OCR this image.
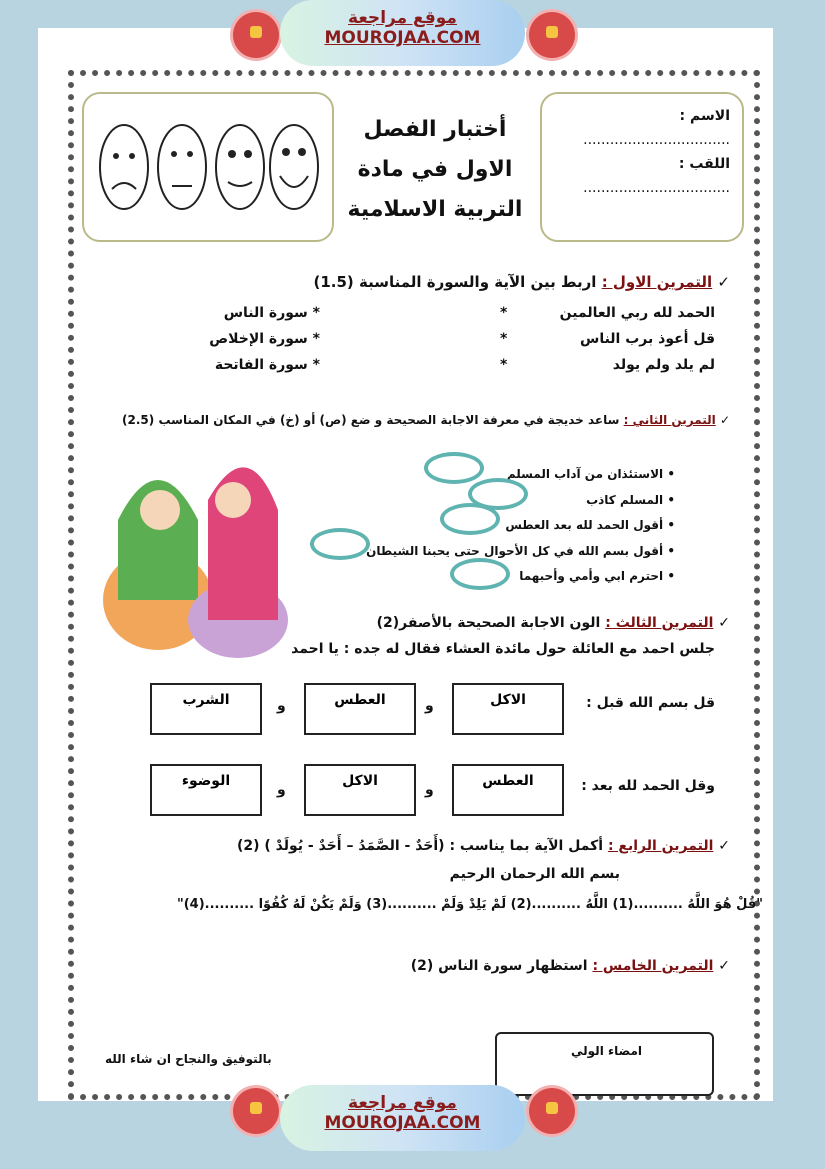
موقع مراجعة
MOUROJAA.COM
أختبار الفصل الاول في مادة
التربية الاسلامية
الاسم :
.................................
اللقب :
.................................
✓ التمرين الاول : اربط بين الآية والسورة المناسبة (1.5)
الحمد لله ربي العالمين
قل أعوذ برب الناس
لم يلد ولم يولد
*
*
*
* سورة الناس
* سورة الإخلاص
* سورة الفاتحة
✓ التمرين الثاني : ساعد خديجة في معرفة الاجابة الصحيحة و ضع (ص) أو (خ) في المكان المناسب (2.5)
• الاستئذان من آداب المسلم
• المسلم كاذب
• أقول الحمد لله بعد العطس
• أقول بسم الله في كل الأحوال حتى يحبنا الشيطان
• احترم ابي وأمي وأحبهما
✓ التمرين الثالث : الون الاجابة الصحيحة بالأصفر(2)
جلس احمد مع العائلة حول مائدة العشاء فقال له جده : يا احمد
قل بسم الله قبل :
الاكل
و
العطس
و
الشرب
وقل الحمد لله بعد :
العطس
و
الاكل
و
الوضوء
✓ التمرين الرابع : أكمل الآية بما يناسب : (أَحَدٌ - الصَّمَدُ – أَحَدٌ - يُولَدْ ) (2)
بسم الله الرحمان الرحيم
"قُلْ هُوَ اللَّهُ ..........(1) اللَّهُ ..........(2) لَمْ يَلِدْ وَلَمْ ..........(3) وَلَمْ يَكُنْ لَهُ كُفُوًا ..........(4)"
✓ التمرين الخامس : استظهار سورة الناس (2)
امضاء الولي
بالتوفيق والنجاح ان شاء الله
موقع مراجعة
MOUROJAA.COM
